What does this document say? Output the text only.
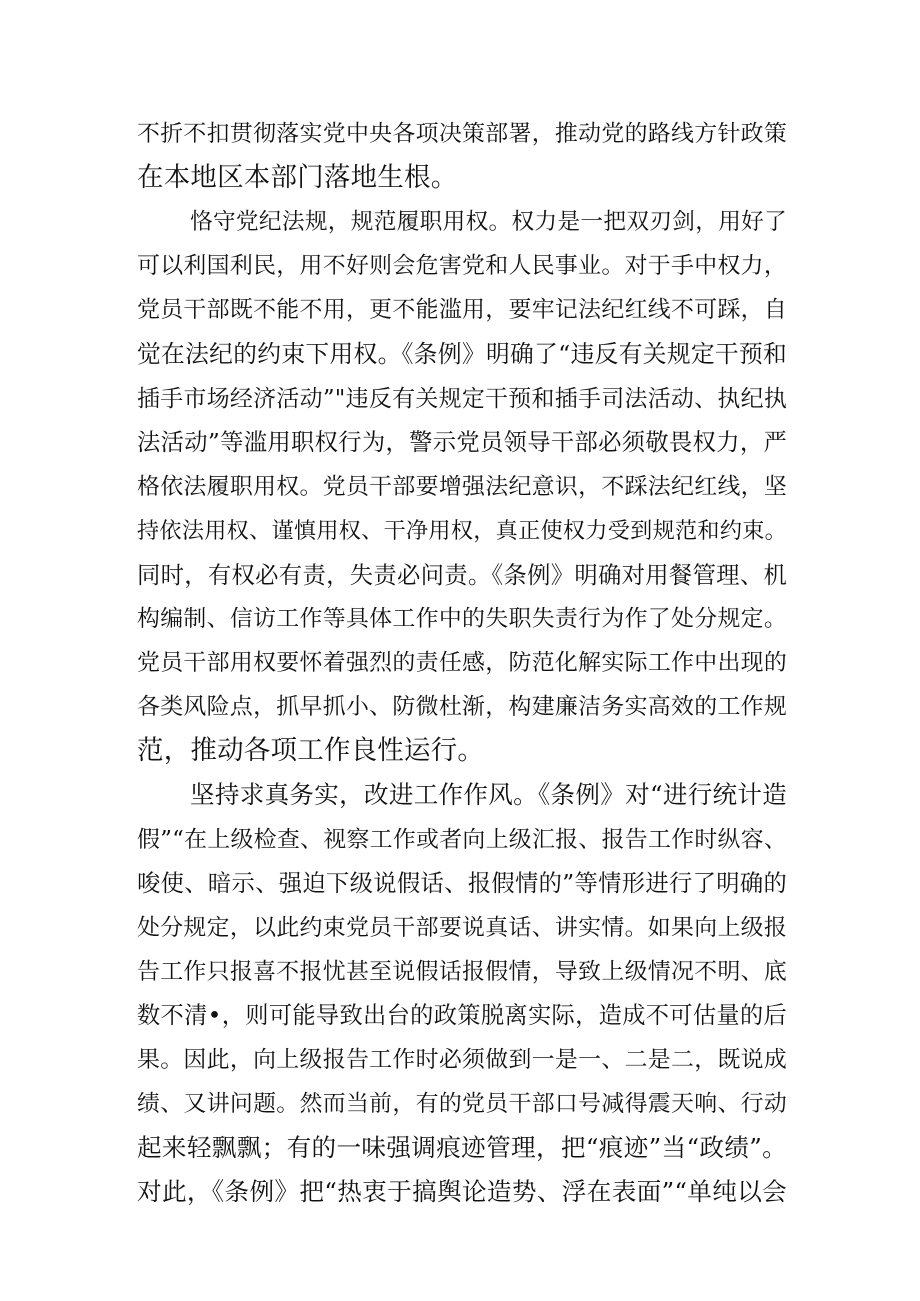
不折不扣贯彻落实党中央各项决策部署，推动党的路线方针政策
在本地区本部门落地生根。
恪守党纪法规，规范履职用权。权力是一把双刃剑，用好了
可以利国利民，用不好则会危害党和人民事业。对于手中权力，
党员干部既不能不用，更不能滥用，要牢记法纪红线不可踩，自
觉在法纪的约束下用权。《条例》明确了“违反有关规定干预和
插手市场经济活动”"违反有关规定干预和插手司法活动、执纪执
法活动”等滥用职权行为，警示党员领导干部必须敬畏权力，严
格依法履职用权。党员干部要增强法纪意识，不踩法纪红线，坚
持依法用权、谨慎用权、干净用权，真正使权力受到规范和约束。
同时，有权必有责，失责必问责。《条例》明确对用餐管理、机
构编制、信访工作等具体工作中的失职失责行为作了处分规定。
党员干部用权要怀着强烈的责任感，防范化解实际工作中出现的
各类风险点，抓早抓小、防微杜渐，构建廉洁务实高效的工作规
范，推动各项工作良性运行。
坚持求真务实，改进工作作风。《条例》对“进行统计造
假”“在上级检查、视察工作或者向上级汇报、报告工作时纵容、
唆使、暗示、强迫下级说假话、报假情的”等情形进行了明确的
处分规定，以此约束党员干部要说真话、讲实情。如果向上级报
告工作只报喜不报忧甚至说假话报假情，导致上级情况不明、底
数不清•，则可能导致出台的政策脱离实际，造成不可估量的后
果。因此，向上级报告工作时必须做到一是一、二是二，既说成
绩、又讲问题。然而当前，有的党员干部口号减得震天响、行动
起来轻飘飘；有的一味强调痕迹管理，把“痕迹”当“政绩”。
对此，《条例》把“热衷于搞舆论造势、浮在表面”“单纯以会
